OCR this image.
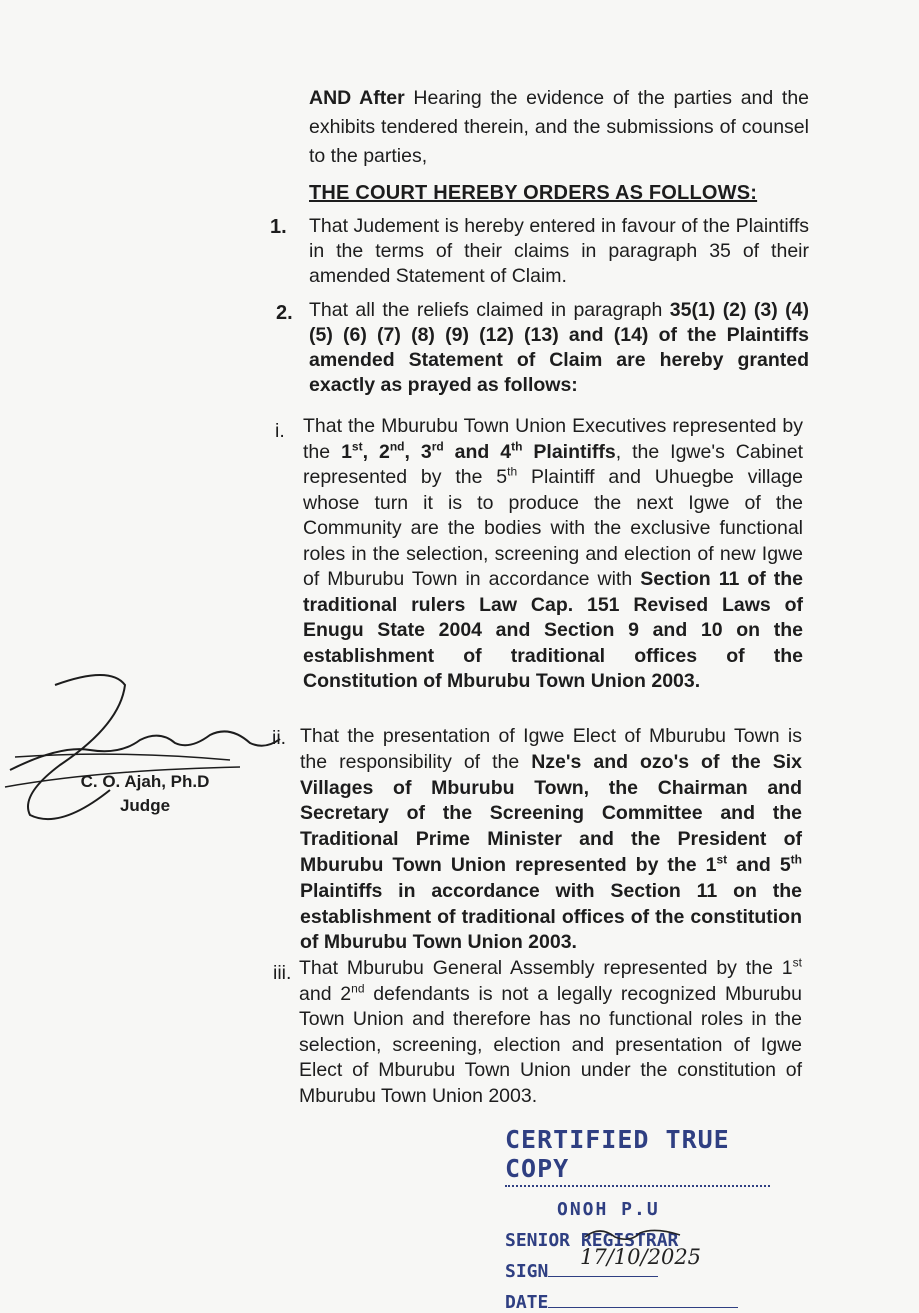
AND After Hearing the evidence of the parties and the exhibits tendered therein, and the submissions of counsel to the parties,
THE COURT HEREBY ORDERS AS FOLLOWS:
1. That Judement is hereby entered in favour of the Plaintiffs in the terms of their claims in paragraph 35 of their amended Statement of Claim.
2. That all the reliefs claimed in paragraph 35(1) (2) (3) (4) (5) (6) (7) (8) (9) (12) (13) and (14) of the Plaintiffs amended Statement of Claim are hereby granted exactly as prayed as follows:
i. That the Mburubu Town Union Executives represented by the 1st, 2nd, 3rd and 4th Plaintiffs, the Igwe's Cabinet represented by the 5th Plaintiff and Uhuegbe village whose turn it is to produce the next Igwe of the Community are the bodies with the exclusive functional roles in the selection, screening and election of new Igwe of Mburubu Town in accordance with Section 11 of the traditional rulers Law Cap. 151 Revised Laws of Enugu State 2004 and Section 9 and 10 on the establishment of traditional offices of the Constitution of Mburubu Town Union 2003.
ii. That the presentation of Igwe Elect of Mburubu Town is the responsibility of the Nze's and ozo's of the Six Villages of Mburubu Town, the Chairman and Secretary of the Screening Committee and the Traditional Prime Minister and the President of Mburubu Town Union represented by the 1st and 5th Plaintiffs in accordance with Section 11 on the establishment of traditional offices of the constitution of Mburubu Town Union 2003.
iii. That Mburubu General Assembly represented by the 1st and 2nd defendants is not a legally recognized Mburubu Town Union and therefore has no functional roles in the selection, screening, election and presentation of Igwe Elect of Mburubu Town Union under the constitution of Mburubu Town Union 2003.
C. O. Ajah, Ph.D
Judge
CERTIFIED TRUE COPY
ONOH P.U
SENIOR REGISTRAR
SIGN
DATE
17/10/2025
